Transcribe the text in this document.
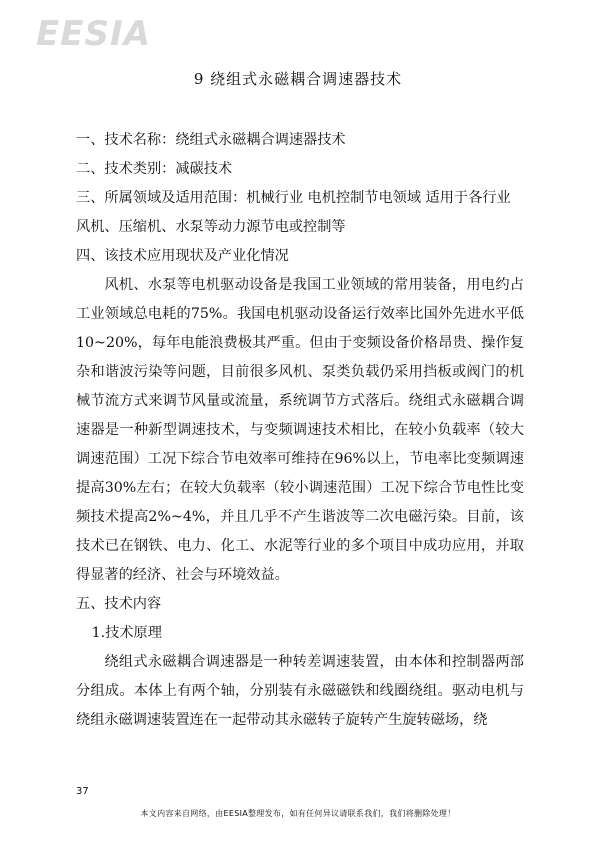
EESIA
9 绕组式永磁耦合调速器技术

一、技术名称：绕组式永磁耦合调速器技术

二、技术类别：减碳技术

三、所属领域及适用范围：机械行业 电机控制节电领域 适用于各行业风机、压缩机、水泵等动力源节电或控制等

四、该技术应用现状及产业化情况

风机、水泵等电机驱动设备是我国工业领域的常用装备，用电约占工业领域总电耗的75%。我国电机驱动设备运行效率比国外先进水平低10~20%，每年电能浪费极其严重。但由于变频设备价格昂贵、操作复杂和谐波污染等问题，目前很多风机、泵类负载仍采用挡板或阀门的机械节流方式来调节风量或流量，系统调节方式落后。绕组式永磁耦合调速器是一种新型调速技术，与变频调速技术相比，在较小负载率（较大调速范围）工况下综合节电效率可维持在96%以上，节电率比变频调速提高30%左右；在较大负载率（较小调速范围）工况下综合节电性比变频技术提高2%~4%，并且几乎不产生谐波等二次电磁污染。目前，该技术已在钢铁、电力、化工、水泥等行业的多个项目中成功应用，并取得显著的经济、社会与环境效益。

五、技术内容

1.技术原理

绕组式永磁耦合调速器是一种转差调速装置，由本体和控制器两部分组成。本体上有两个轴，分别装有永磁磁铁和线圈绕组。驱动电机与绕组永磁调速装置连在一起带动其永磁转子旋转产生旋转磁场，绕

37
本文内容来自网络，由EESIA整理发布，如有任何异议请联系我们，我们将删除处理！
